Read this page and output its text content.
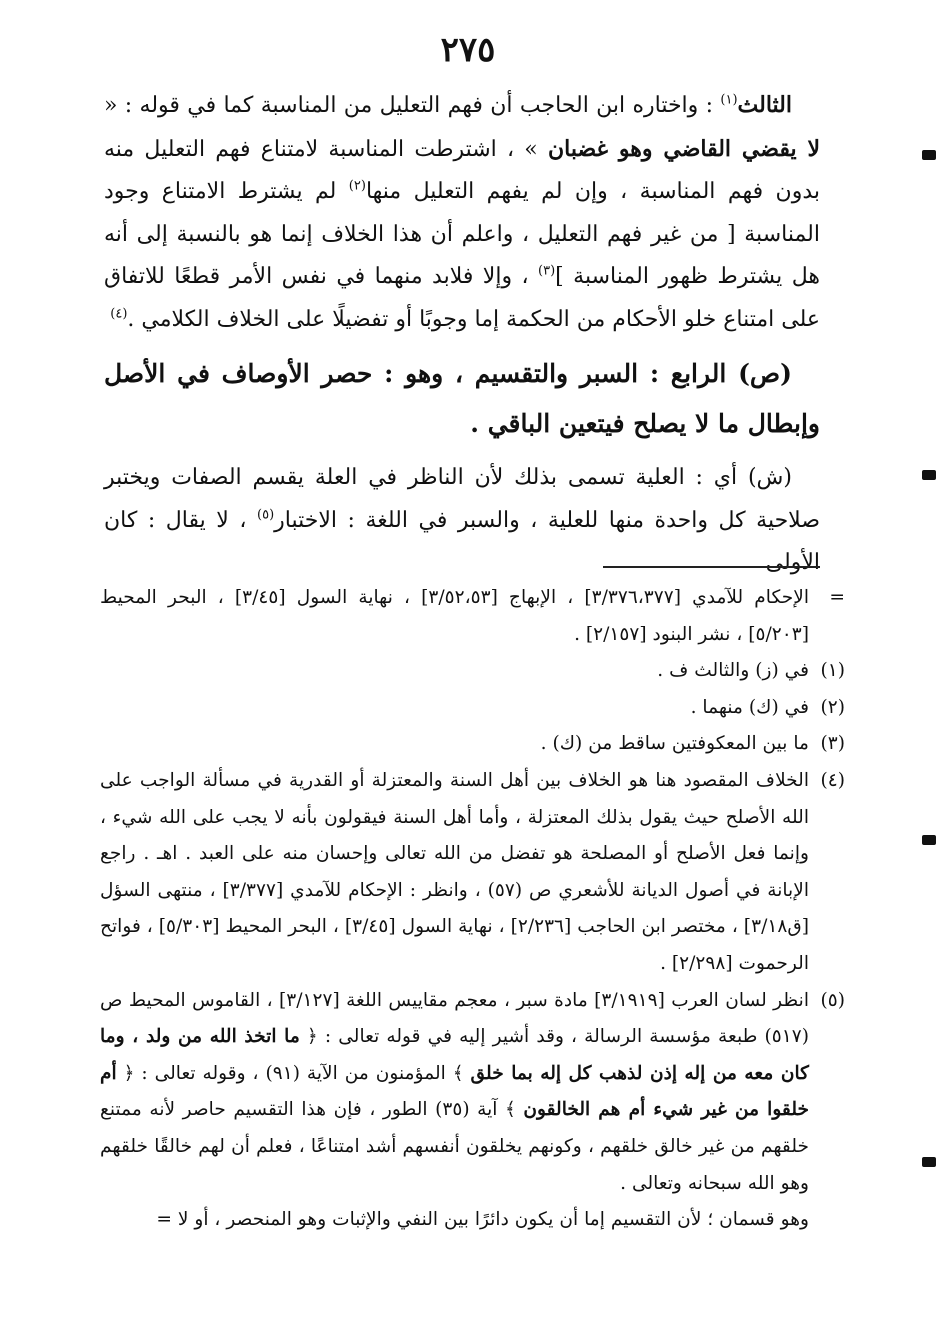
٢٧٥

الثالث$^{(١)}$ : واختاره ابن الحاجب أن فهم التعليل من المناسبة كما في قوله : « لا يقضي القاضي وهو غضبان » ، اشترطت المناسبة لامتناع فهم التعليل منه بدون فهم المناسبة ، وإن لم يفهم التعليل منها$^{(٢)}$ لم يشترط الامتناع وجود المناسبة [ من غير فهم التعليل ، واعلم أن هذا الخلاف إنما هو بالنسبة إلى أنه هل يشترط ظهور المناسبة ]$^{(٣)}$ ، وإلا فلابد منهما في نفس الأمر قطعًا للاتفاق على امتناع خلو الأحكام من الحكمة إما وجوبًا أو تفضيلًا على الخلاف الكلامي .$^{(٤)}$

(ص) الرابع : السبر والتقسيم ، وهو : حصر الأوصاف في الأصل وإبطال ما لا يصلح فيتعين الباقي .

(ش) أي : العلية تسمى بذلك لأن الناظر في العلة يقسم الصفات ويختبر صلاحية كل واحدة منها للعلية ، والسبر في اللغة : الاختبار$^{(٥)}$ ، لا يقال : كان الأولى

=
الإحكام للآمدي [٣/٣٧٦،٣٧٧] ، الإبهاج [٣/٥٢،٥٣] ، نهاية السول [٣/٤٥] ، البحر المحيط [٥/٢٠٣] ، نشر البنود [٢/١٥٧] .

(١)
في (ز) والثالث ف .

(٢)
في (ك) منهما .

(٣)
ما بين المعكوفتين ساقط من (ك) .

(٤)
الخلاف المقصود هنا هو الخلاف بين أهل السنة والمعتزلة أو القدرية في مسألة الواجب على الله الأصلح حيث يقول بذلك المعتزلة ، وأما أهل السنة فيقولون بأنه لا يجب على الله شيء ، وإنما فعل الأصلح أو المصلحة هو تفضل من الله تعالى وإحسان منه على العبد . اهـ . راجع الإبانة في أصول الديانة للأشعري ص (٥٧) ، وانظر : الإحكام للآمدي [٣/٣٧٧] ، منتهى السؤل [ق٣/١٨] ، مختصر ابن الحاجب [٢/٢٣٦] ، نهاية السول [٣/٤٥] ، البحر المحيط [٥/٣٠٣] ، فواتح الرحموت [٢/٢٩٨] .

(٥)
انظر لسان العرب [٣/١٩١٩] مادة سبر ، معجم مقاييس اللغة [٣/١٢٧] ، القاموس المحيط ص (٥١٧) طبعة مؤسسة الرسالة ، وقد أشير إليه في قوله تعالى : ﴿ ما اتخذ الله من ولد ، وما كان معه من إله إذن لذهب كل إله بما خلق ﴾ المؤمنون من الآية (٩١) ، وقوله تعالى : ﴿ أم خلقوا من غير شيء أم هم الخالقون ﴾ آية (٣٥) الطور ، فإن هذا التقسيم حاصر لأنه ممتنع خلقهم من غير خالق خلقهم ، وكونهم يخلقون أنفسهم أشد امتناعًا ، فعلم أن لهم خالقًا خلقهم وهو الله سبحانه وتعالى .

وهو قسمان ؛ لأن التقسيم إما أن يكون دائرًا بين النفي والإثبات وهو المنحصر ، أو لا =
